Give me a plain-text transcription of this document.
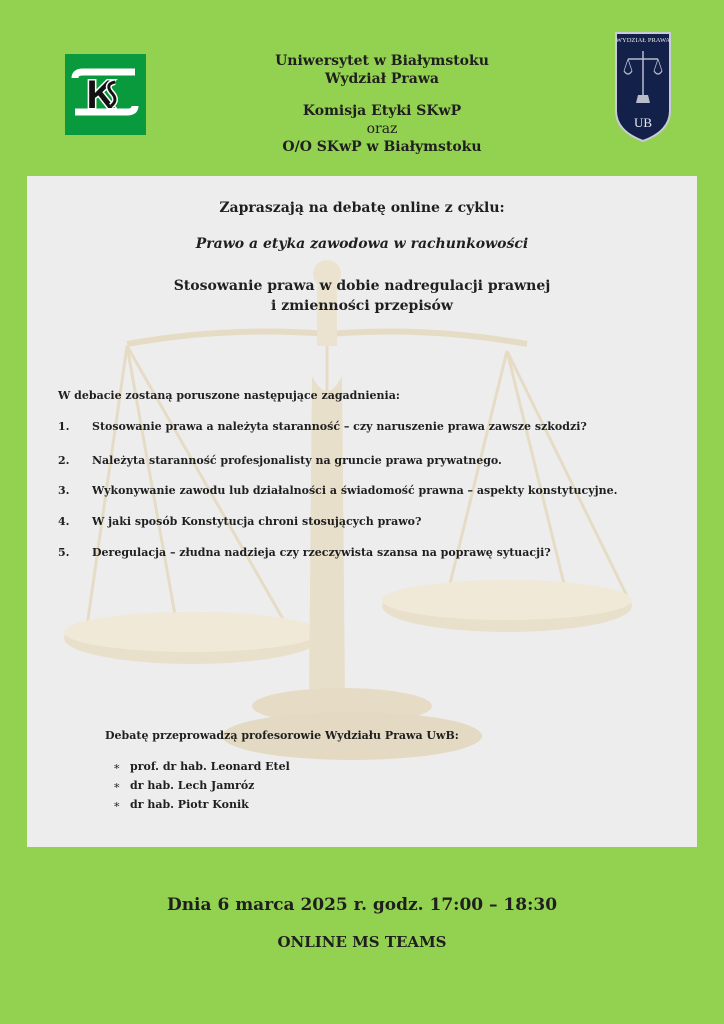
K
WYDZIAŁ PRAWA
UB
Uniwersytet w Białymstoku
Wydział Prawa
Komisja Etyki SKwP
oraz
O/O SKwP w Białymstoku
Zapraszają na debatę online z cyklu:
Prawo a etyka zawodowa w rachunkowości
Stosowanie prawa w dobie nadregulacji prawnej
i zmienności przepisów
W debacie zostaną poruszone następujące zagadnienia:
1. Stosowanie prawa a należyta staranność – czy naruszenie prawa zawsze szkodzi?
2. Należyta staranność profesjonalisty na gruncie prawa prywatnego.
3. Wykonywanie zawodu lub działalności a świadomość prawna – aspekty konstytucyjne.
4. W jaki sposób Konstytucja chroni stosujących prawo?
5. Deregulacja – złudna nadzieja czy rzeczywista szansa na poprawę sytuacji?
Debatę przeprowadzą profesorowie Wydziału Prawa UwB:
∗ prof. dr hab. Leonard Etel
∗ dr hab. Lech Jamróz
∗ dr hab. Piotr Konik
Dnia 6 marca 2025 r. godz. 17:00 – 18:30
ONLINE MS TEAMS
